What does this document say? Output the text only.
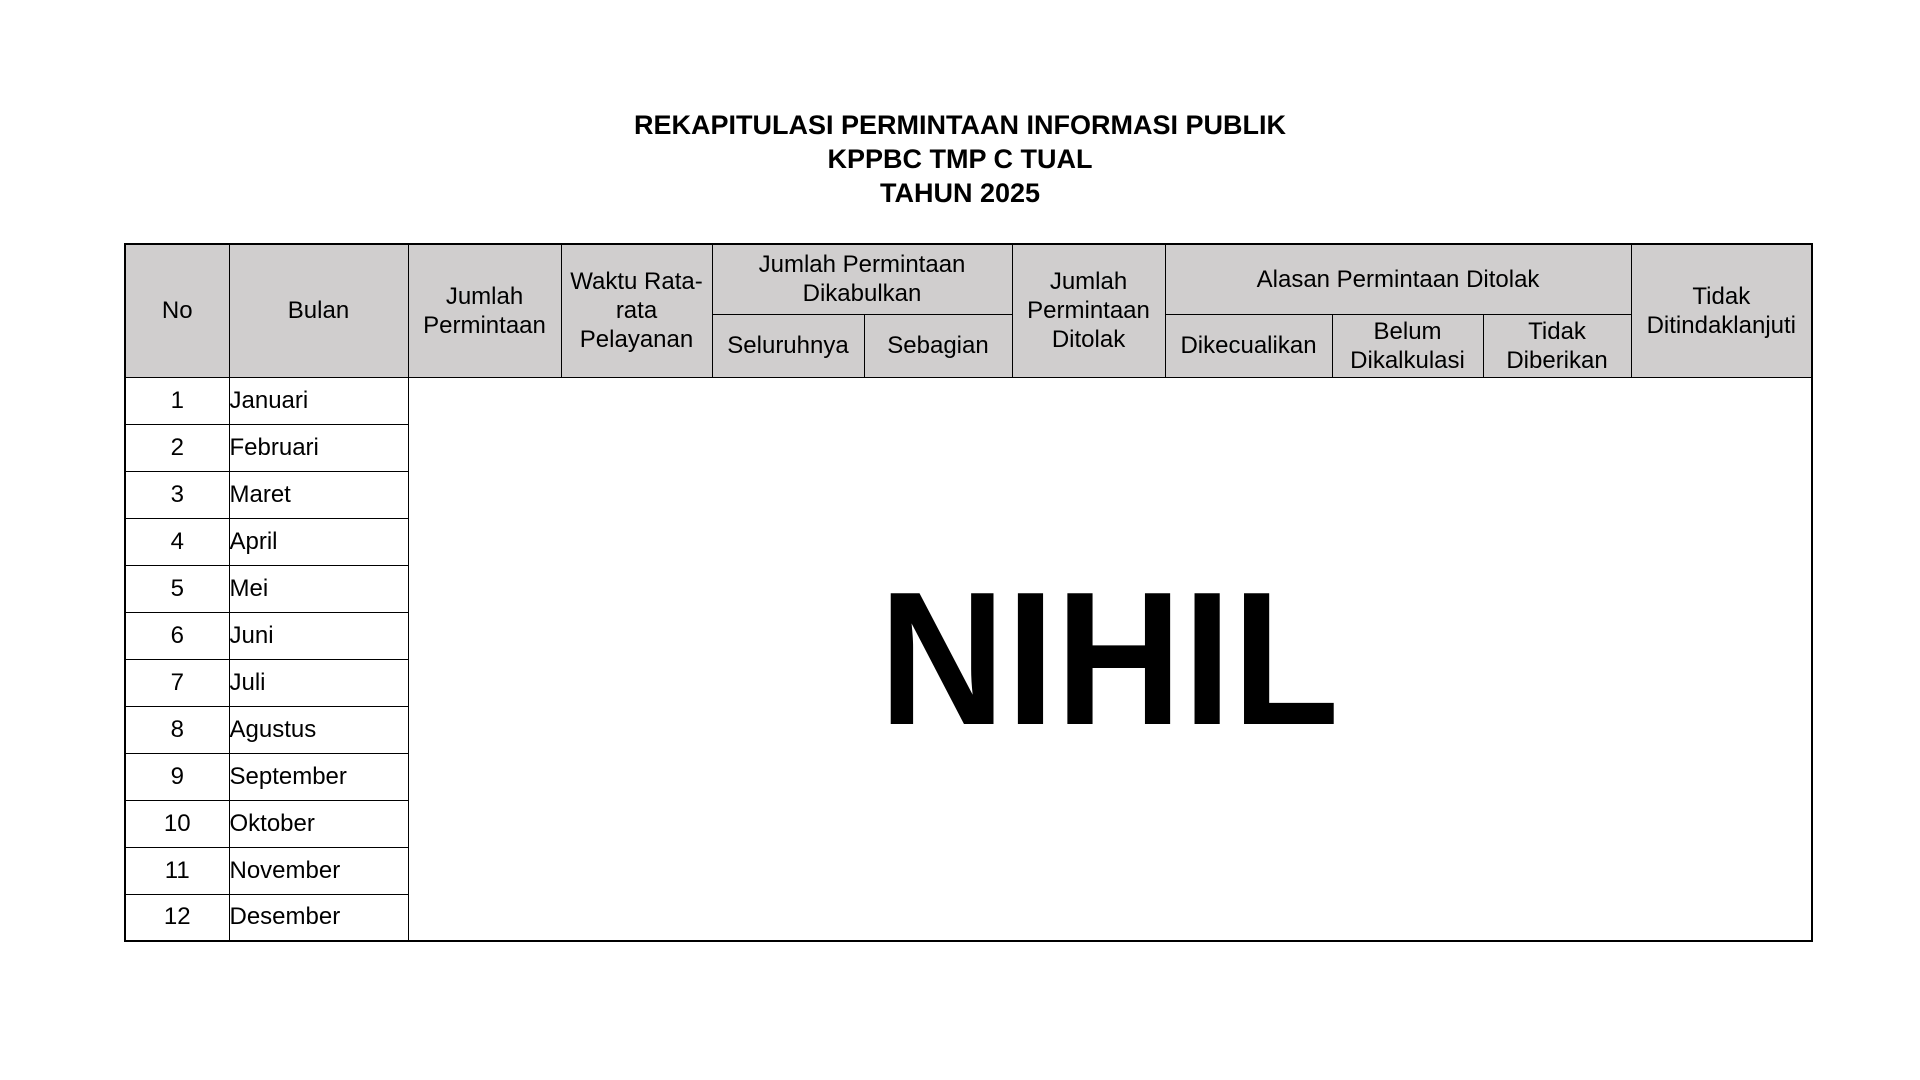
REKAPITULASI PERMINTAAN INFORMASI PUBLIK
KPPBC TMP C TUAL
TAHUN 2025
No	Bulan	Jumlah Permintaan	Waktu Rata-rata Pelayanan	Jumlah Permintaan Dikabulkan		Jumlah Permintaan Ditolak	Alasan Permintaan Ditolak			Tidak Ditindaklanjuti
				Seluruhnya	Sebagian		Dikecualikan	Belum Dikalkulasi	Tidak Diberikan	
1	Januari	NIHIL								
2	Februari									
3	Maret									
4	April									
5	Mei									
6	Juni									
7	Juli									
8	Agustus									
9	September									
10	Oktober									
11	November									
12	Desember									
